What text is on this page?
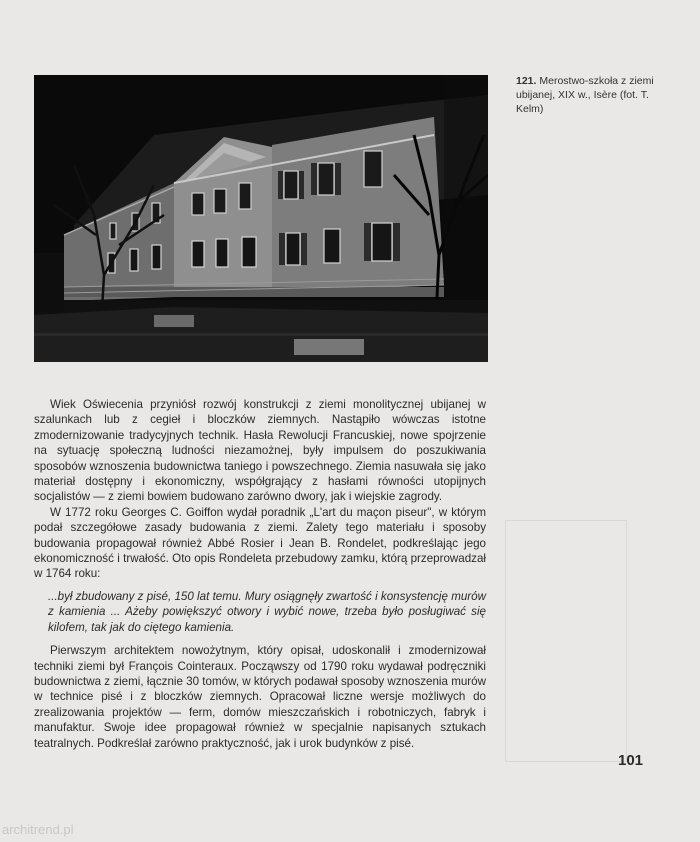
121. Merostwo-szkoła z ziemi ubijanej, XIX w., Isère (fot. T. Kelm)

Wiek Oświecenia przyniósł rozwój konstrukcji z ziemi monolitycznej ubijanej w szalunkach lub z cegieł i bloczków ziemnych. Nastąpiło wówczas istotne zmodernizowanie tradycyjnych technik. Hasła Rewolucji Francuskiej, nowe spojrzenie na sytuację społeczną ludności niezamożnej, były impulsem do poszukiwania sposobów wznoszenia budownictwa taniego i powszechnego. Ziemia nasuwała się jako materiał dostępny i ekonomiczny, współgrający z hasłami równości utopijnych socjalistów — z ziemi bowiem budowano zarówno dwory, jak i wiejskie zagrody.

W 1772 roku Georges C. Goiffon wydał poradnik „L'art du maçon piseur", w którym podał szczegółowe zasady budowania z ziemi. Zalety tego materiału i sposoby budowania propagował również Abbé Rosier i Jean B. Rondelet, podkreślając jego ekonomiczność i trwałość. Oto opis Rondeleta przebudowy zamku, którą przeprowadzał w 1764 roku:

...był zbudowany z pisé, 150 lat temu. Mury osiągnęły zwartość i konsystencję murów z kamienia ... Ażeby powiększyć otwory i wybić nowe, trzeba było posługiwać się kilofem, tak jak do ciętego kamienia.

Pierwszym architektem nowożytnym, który opisał, udoskonalił i zmodernizował techniki ziemi był François Cointeraux. Począwszy od 1790 roku wydawał podręczniki budownictwa z ziemi, łącznie 30 tomów, w których podawał sposoby wznoszenia murów w technice pisé i z bloczków ziemnych. Opracował liczne wersje możliwych do zrealizowania projektów — ferm, domów mieszczańskich i robotniczych, fabryk i manufaktur. Swoje idee propagował również w specjalnie napisanych sztukach teatralnych. Podkreślał zarówno praktyczność, jak i urok budynków z pisé.

101
architrend.pl
